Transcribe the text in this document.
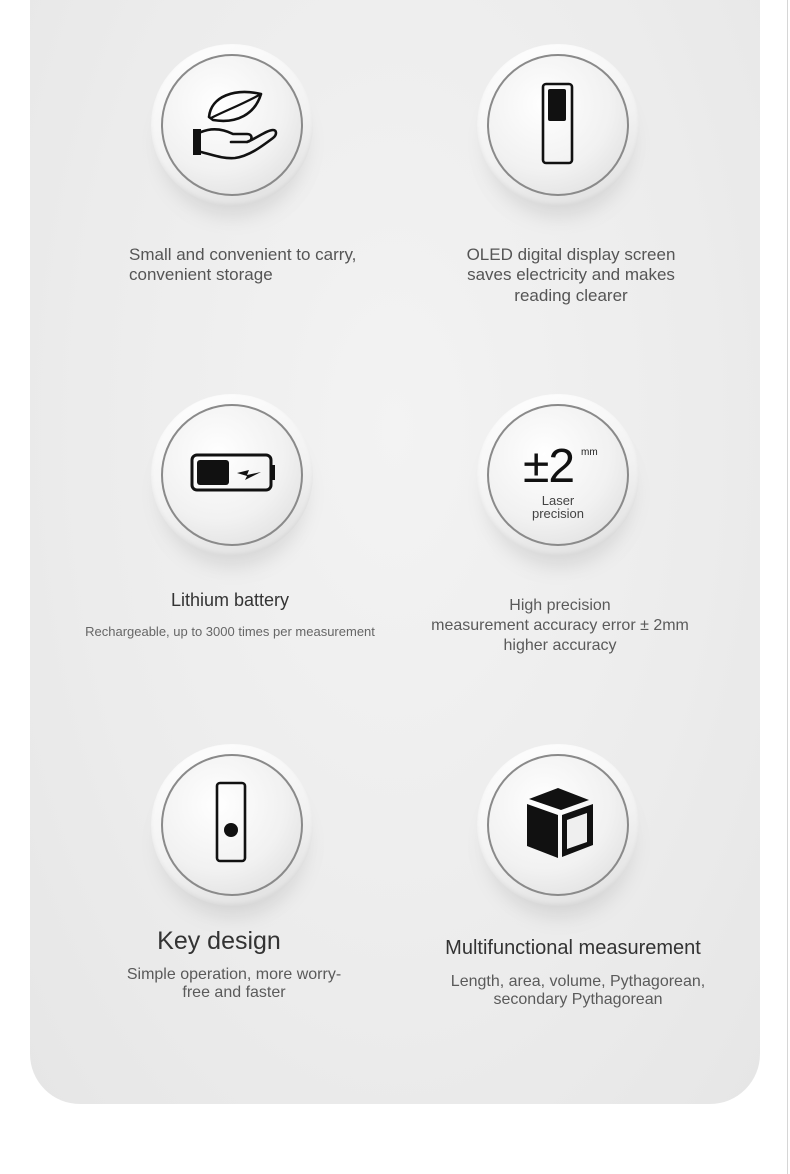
Small and convenient to carry,
convenient storage
OLED digital display screen
saves electricity and makes
reading clearer
Lithium battery
Rechargeable, up to 3000 times per measurement
±2 mm
Laser
precision
High precision
measurement accuracy error ± 2mm
higher accuracy
Key design
Simple operation, more worry-
free and faster
Multifunctional measurement
Length, area, volume, Pythagorean,
secondary Pythagorean
